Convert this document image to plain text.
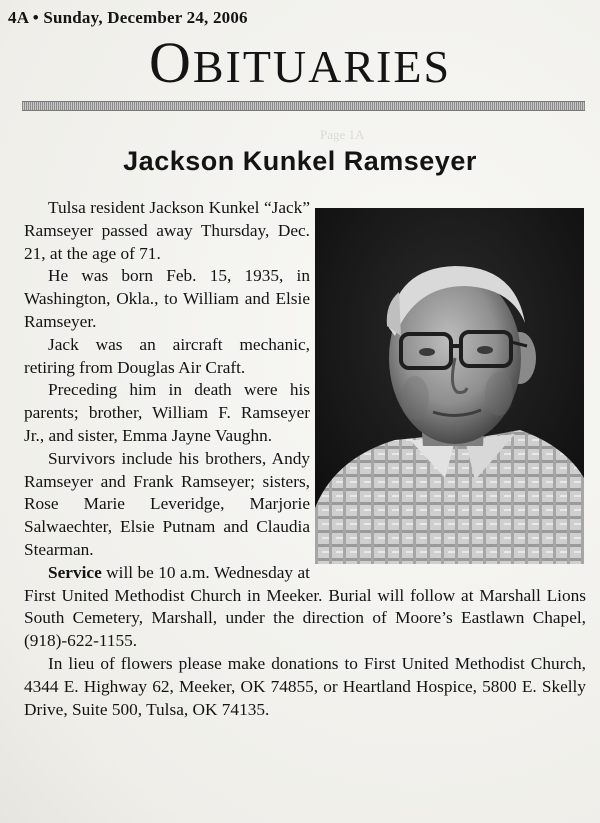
Page 1A
4A • Sunday, December 24, 2006
OBITUARIES
Jackson Kunkel Ramseyer

Tulsa resident Jackson Kunkel “Jack” Ramseyer passed away Thursday, Dec. 21, at the age of 71.

He was born Feb. 15, 1935, in Washington, Okla., to William and Elsie Ramseyer.

Jack was an aircraft mechanic, retiring from Douglas Air Craft.

Preceding him in death were his parents; brother, William F. Ramseyer Jr., and sister, Emma Jayne Vaughn.

Survivors include his brothers, Andy Ramseyer and Frank Ramseyer; sisters, Rose Marie Leveridge, Marjorie Salwaechter, Elsie Putnam and Claudia Stearman.

Service will be 10 a.m. Wednesday at First United Methodist Church in Meeker. Burial will follow at Marshall Lions South Cemetery, Marshall, under the direction of Moore’s Eastlawn Chapel, (918)-622-1155.

In lieu of flowers please make donations to First United Methodist Church, 4344 E. Highway 62, Meeker, OK 74855, or Heartland Hospice, 5800 E. Skelly Drive, Suite 500, Tulsa, OK 74135.
